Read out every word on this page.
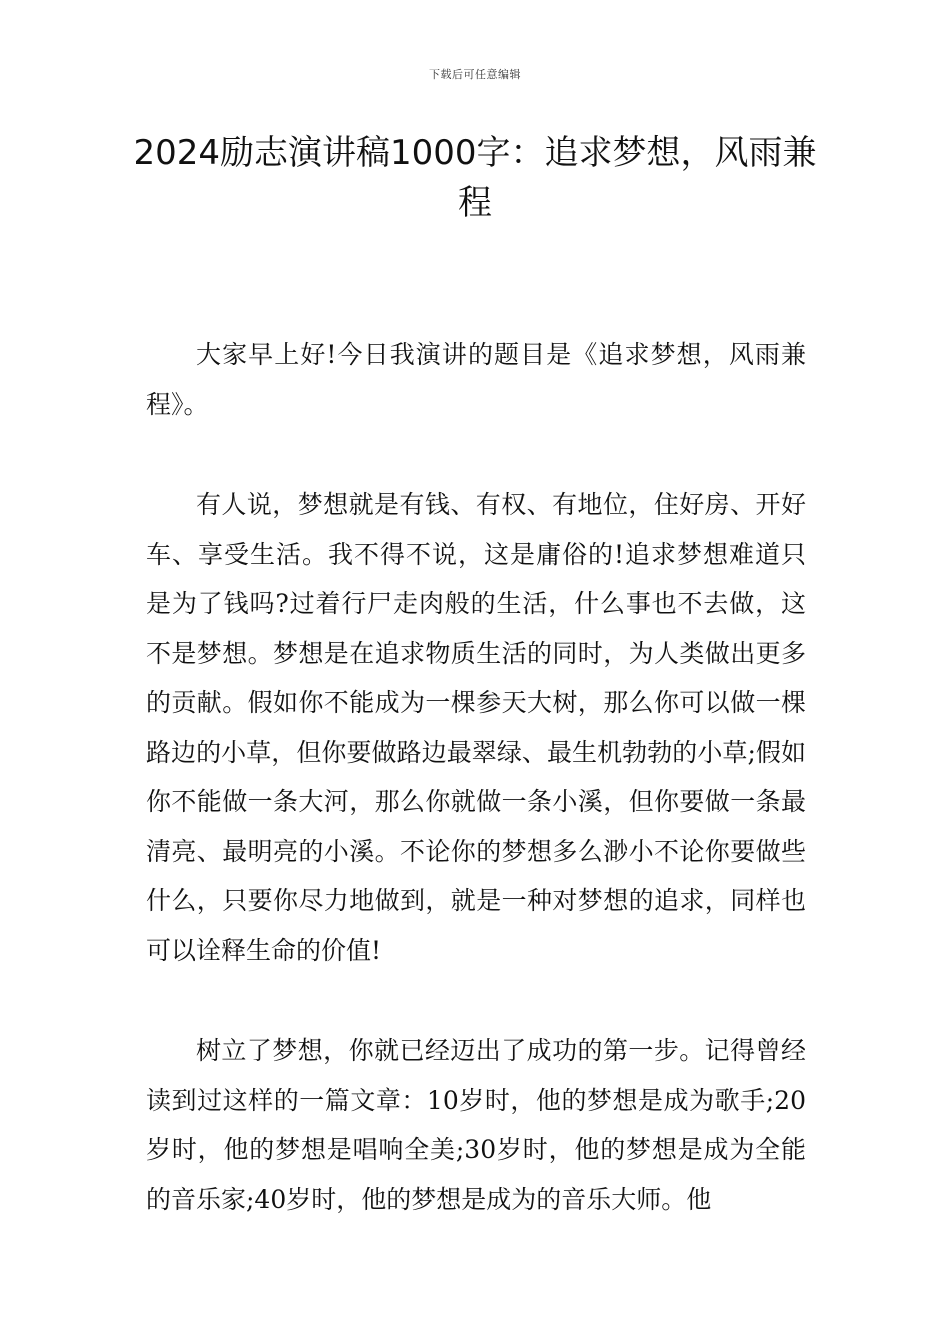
下载后可任意编辑
2024励志演讲稿1000字：追求梦想，风雨兼程

大家早上好!今日我演讲的题目是《追求梦想，风雨兼程》。

有人说，梦想就是有钱、有权、有地位，住好房、开好车、享受生活。我不得不说，这是庸俗的!追求梦想难道只是为了钱吗?过着行尸走肉般的生活，什么事也不去做，这不是梦想。梦想是在追求物质生活的同时，为人类做出更多的贡献。假如你不能成为一棵参天大树，那么你可以做一棵路边的小草，但你要做路边最翠绿、最生机勃勃的小草;假如你不能做一条大河，那么你就做一条小溪，但你要做一条最清亮、最明亮的小溪。不论你的梦想多么渺小不论你要做些什么，只要你尽力地做到，就是一种对梦想的追求，同样也可以诠释生命的价值!

树立了梦想，你就已经迈出了成功的第一步。记得曾经读到过这样的一篇文章：10岁时，他的梦想是成为歌手;20岁时，他的梦想是唱响全美;30岁时，他的梦想是成为全能的音乐家;40岁时，他的梦想是成为的音乐大师。他
